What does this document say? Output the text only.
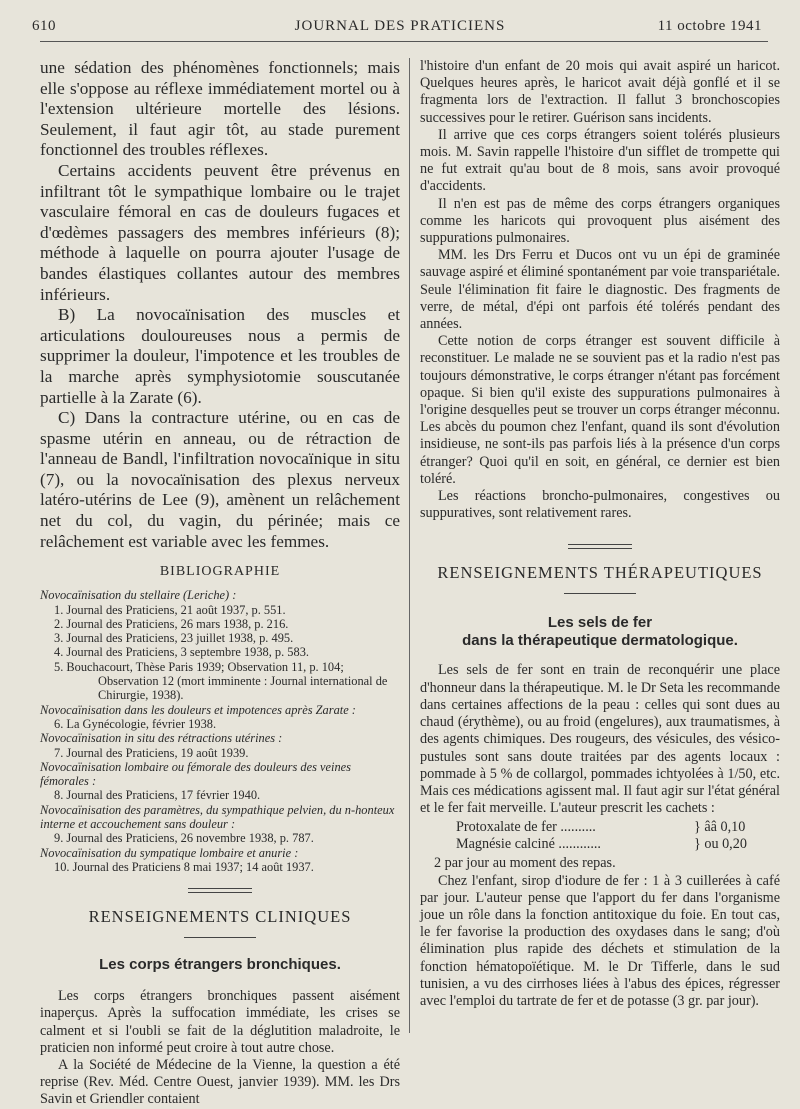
610	JOURNAL DES PRATICIENS	11 octobre 1941

une sédation des phénomènes fonctionnels; mais elle s'oppose au réflexe immédiatement mortel ou à l'extension ultérieure mortelle des lésions. Seulement, il faut agir tôt, au stade purement fonctionnel des troubles réflexes.

Certains accidents peuvent être prévenus en infiltrant tôt le sympathique lombaire ou le trajet vasculaire fémoral en cas de douleurs fugaces et d'œdèmes passagers des membres inférieurs (8); méthode à laquelle on pourra ajouter l'usage de bandes élastiques collantes autour des membres inférieurs.

B) La novocaïnisation des muscles et articulations douloureuses nous a permis de supprimer la douleur, l'impotence et les troubles de la marche après symphysiotomie souscutanée partielle à la Zarate (6).

C) Dans la contracture utérine, ou en cas de spasme utérin en anneau, ou de rétraction de l'anneau de Bandl, l'infiltration novocaïnique in situ (7), ou la novocaïnisation des plexus nerveux latéro-utérins de Lee (9), amènent un relâchement net du col, du vagin, du périnée; mais ce relâchement est variable avec les femmes.

BIBLIOGRAPHIE

Novocaïnisation du stellaire (Leriche) :

1. Journal des Praticiens, 21 août 1937, p. 551.

2. Journal des Praticiens, 26 mars 1938, p. 216.

3. Journal des Praticiens, 23 juillet 1938, p. 495.

4. Journal des Praticiens, 3 septembre 1938, p. 583.

5. Bouchacourt, Thèse Paris 1939; Observation 11, p. 104; Observation 12 (mort imminente : Journal international de Chirurgie, 1938).

Novocaïnisation dans les douleurs et impotences après Zarate :

6. La Gynécologie, février 1938.

Novocaïnisation in situ des rétractions utérines :

7. Journal des Praticiens, 19 août 1939.

Novocaïnisation lombaire ou fémorale des douleurs des veines fémorales :

8. Journal des Praticiens, 17 février 1940.

Novocaïnisation des paramètres, du sympathique pelvien, du n-honteux interne et accouchement sans douleur :

9. Journal des Praticiens, 26 novembre 1938, p. 787.

Novocaïnisation du sympatique lombaire et anurie :

10. Journal des Praticiens 8 mai 1937; 14 août 1937.

RENSEIGNEMENTS CLINIQUES
Les corps étrangers bronchiques.

Les corps étrangers bronchiques passent aisément inaperçus. Après la suffocation immédiate, les crises se calment et si l'oubli se fait de la déglutition maladroite, le praticien non informé peut croire à tout autre chose.

A la Société de Médecine de la Vienne, la question a été reprise (Rev. Méd. Centre Ouest, janvier 1939). MM. les Drs Savin et Griendler contaient

l'histoire d'un enfant de 20 mois qui avait aspiré un haricot. Quelques heures après, le haricot avait déjà gonflé et il se fragmenta lors de l'extraction. Il fallut 3 bronchoscopies successives pour le retirer. Guérison sans incidents.

Il arrive que ces corps étrangers soient tolérés plusieurs mois. M. Savin rappelle l'histoire d'un sifflet de trompette qui ne fut extrait qu'au bout de 8 mois, sans avoir provoqué d'accidents.

Il n'en est pas de même des corps étrangers organiques comme les haricots qui provoquent plus aisément des suppurations pulmonaires.

MM. les Drs Ferru et Ducos ont vu un épi de graminée sauvage aspiré et éliminé spontanément par voie transpariétale. Seule l'élimination fit faire le diagnostic. Des fragments de verre, de métal, d'épi ont parfois été tolérés pendant des années.

Cette notion de corps étranger est souvent difficile à reconstituer. Le malade ne se souvient pas et la radio n'est pas toujours démonstrative, le corps étranger n'étant pas forcément opaque. Si bien qu'il existe des suppurations pulmonaires à l'origine desquelles peut se trouver un corps étranger méconnu. Les abcès du poumon chez l'enfant, quand ils sont d'évolution insidieuse, ne sont-ils pas parfois liés à la présence d'un corps étranger? Quoi qu'il en soit, en général, ce dernier est bien toléré.

Les réactions broncho-pulmonaires, congestives ou suppuratives, sont relativement rares.

RENSEIGNEMENTS THÉRAPEUTIQUES
Les sels de fer
dans la thérapeutique dermatologique.

Les sels de fer sont en train de reconquérir une place d'honneur dans la thérapeutique. M. le Dr Seta les recommande dans certaines affections de la peau : celles qui sont dues au chaud (érythème), ou au froid (engelures), aux traumatismes, à des agents chimiques. Des rougeurs, des vésicules, des vésico-pustules sont sans doute traitées par des agents locaux : pommade à 5 % de collargol, pommades ichtyolées à 1/50, etc. Mais ces médications agissent mal. Il faut agir sur l'état général et le fer fait merveille. L'auteur prescrit les cachets :

Protoxalate de fer ..........	} ââ 0,10
Magnésie calciné ............	} ou 0,20

2 par jour au moment des repas.

Chez l'enfant, sirop d'iodure de fer : 1 à 3 cuillerées à café par jour. L'auteur pense que l'apport du fer dans l'organisme joue un rôle dans la fonction antitoxique du foie. En tout cas, le fer favorise la production des oxydases dans le sang; d'où élimination plus rapide des déchets et stimulation de la fonction hématopoïétique. M. le Dr Tifferle, dans le sud tunisien, a vu des cirrhoses liées à l'abus des épices, régresser avec l'emploi du tartrate de fer et de potasse (3 gr. par jour).
